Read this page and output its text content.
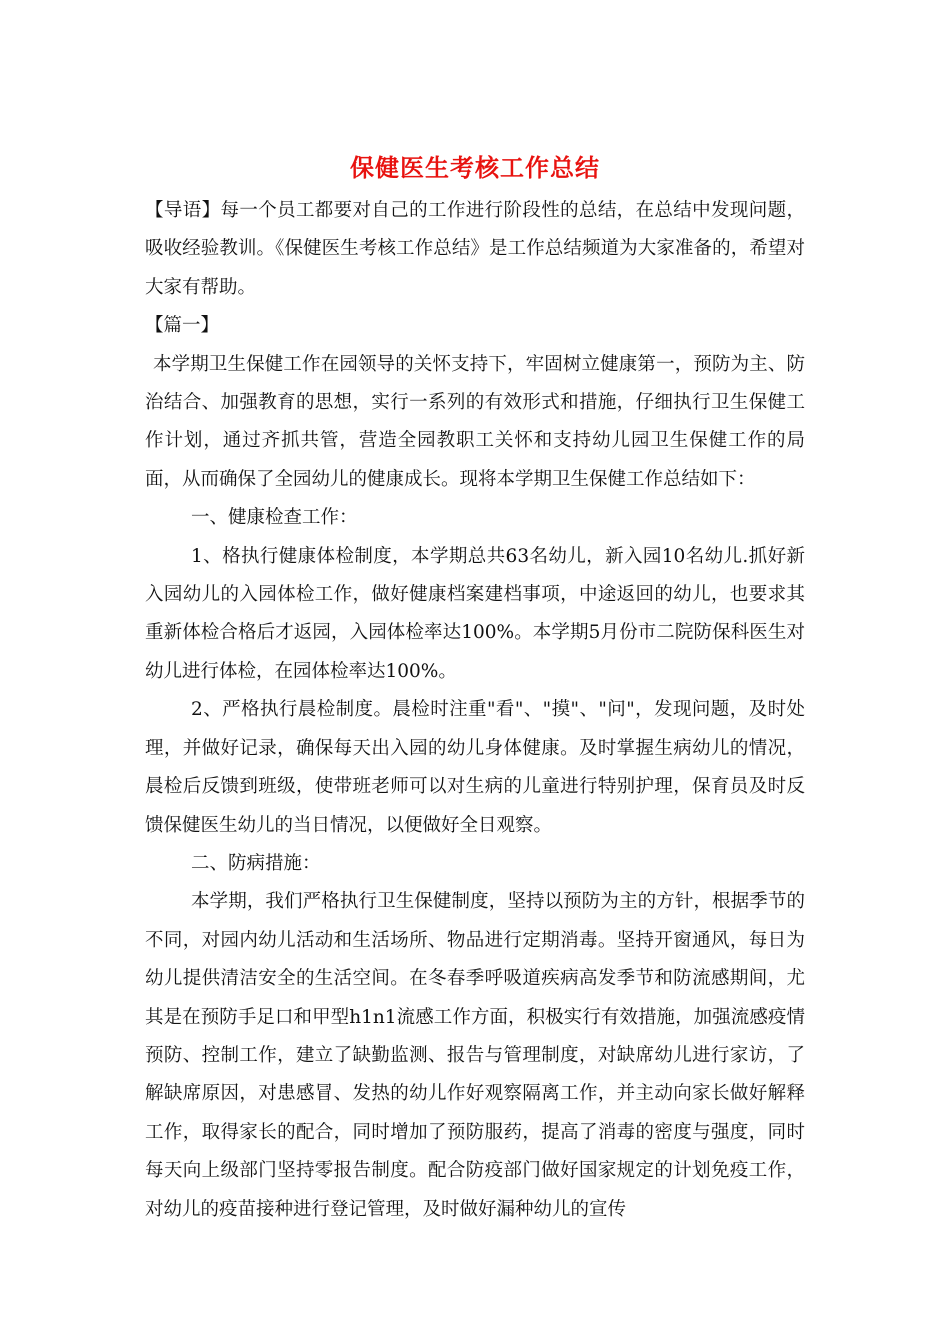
保健医生考核工作总结

【导语】每一个员工都要对自己的工作进行阶段性的总结，在总结中发现问题，吸收经验教训。《保健医生考核工作总结》是工作总结频道为大家准备的，希望对大家有帮助。

【篇一】

本学期卫生保健工作在园领导的关怀支持下，牢固树立健康第一，预防为主、防治结合、加强教育的思想，实行一系列的有效形式和措施，仔细执行卫生保健工作计划，通过齐抓共管，营造全园教职工关怀和支持幼儿园卫生保健工作的局面，从而确保了全园幼儿的健康成长。现将本学期卫生保健工作总结如下：

一、健康检查工作：

1、格执行健康体检制度，本学期总共63名幼儿，新入园10名幼儿.抓好新入园幼儿的入园体检工作，做好健康档案建档事项，中途返回的幼儿，也要求其重新体检合格后才返园，入园体检率达100%。本学期5月份市二院防保科医生对幼儿进行体检，在园体检率达100%。

2、严格执行晨检制度。晨检时注重"看"、"摸"、"问"，发现问题，及时处理，并做好记录，确保每天出入园的幼儿身体健康。及时掌握生病幼儿的情况，晨检后反馈到班级，使带班老师可以对生病的儿童进行特别护理，保育员及时反馈保健医生幼儿的当日情况，以便做好全日观察。

二、防病措施：

本学期，我们严格执行卫生保健制度，坚持以预防为主的方针，根据季节的不同，对园内幼儿活动和生活场所、物品进行定期消毒。坚持开窗通风，每日为幼儿提供清洁安全的生活空间。在冬春季呼吸道疾病高发季节和防流感期间，尤其是在预防手足口和甲型h1n1流感工作方面，积极实行有效措施，加强流感疫情预防、控制工作，建立了缺勤监测、报告与管理制度，对缺席幼儿进行家访，了解缺席原因，对患感冒、发热的幼儿作好观察隔离工作，并主动向家长做好解释工作，取得家长的配合，同时增加了预防服药，提高了消毒的密度与强度，同时每天向上级部门坚持零报告制度。配合防疫部门做好国家规定的计划免疫工作，对幼儿的疫苗接种进行登记管理，及时做好漏种幼儿的宣传
